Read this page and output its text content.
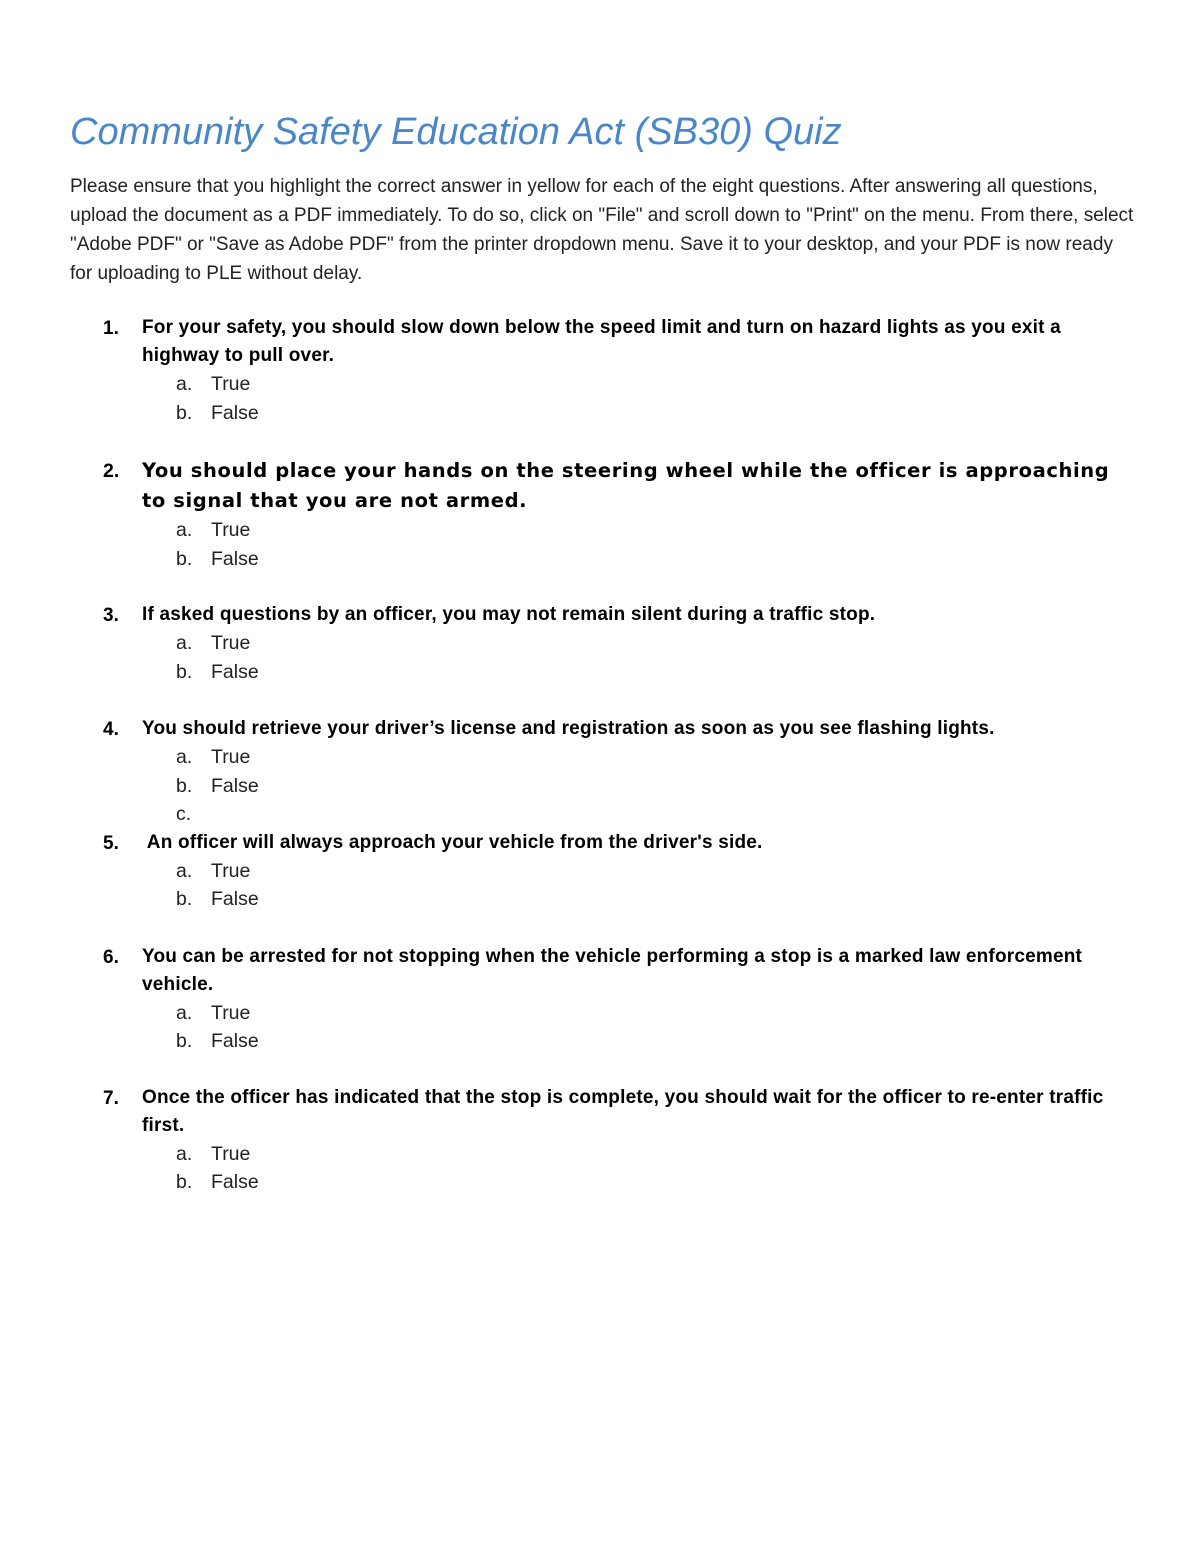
Community Safety Education Act (SB30) Quiz

Please ensure that you highlight the correct answer in yellow for each of the eight questions. After answering all questions, upload the document as a PDF immediately. To do so, click on "File" and scroll down to "Print" on the menu. From there, select "Adobe PDF" or "Save as Adobe PDF" from the printer dropdown menu. Save it to your desktop, and your PDF is now ready for uploading to PLE without delay.

1. For your safety, you should slow down below the speed limit and turn on hazard lights as you exit a highway to pull over.

a. True
b. False
2. You should place your hands on the steering wheel while the officer is approaching to signal that you are not armed.

a. True
b. False
3. If asked questions by an officer, you may not remain silent during a traffic stop.

a. True
b. False
4. You should retrieve your driver’s license and registration as soon as you see flashing lights.

a. True
b. False
c.
5. An officer will always approach your vehicle from the driver's side.

a. True
b. False
6. You can be arrested for not stopping when the vehicle performing a stop is a marked law enforcement vehicle.

a. True
b. False
7. Once the officer has indicated that the stop is complete, you should wait for the officer to re-enter traffic first.

a. True
b. False
